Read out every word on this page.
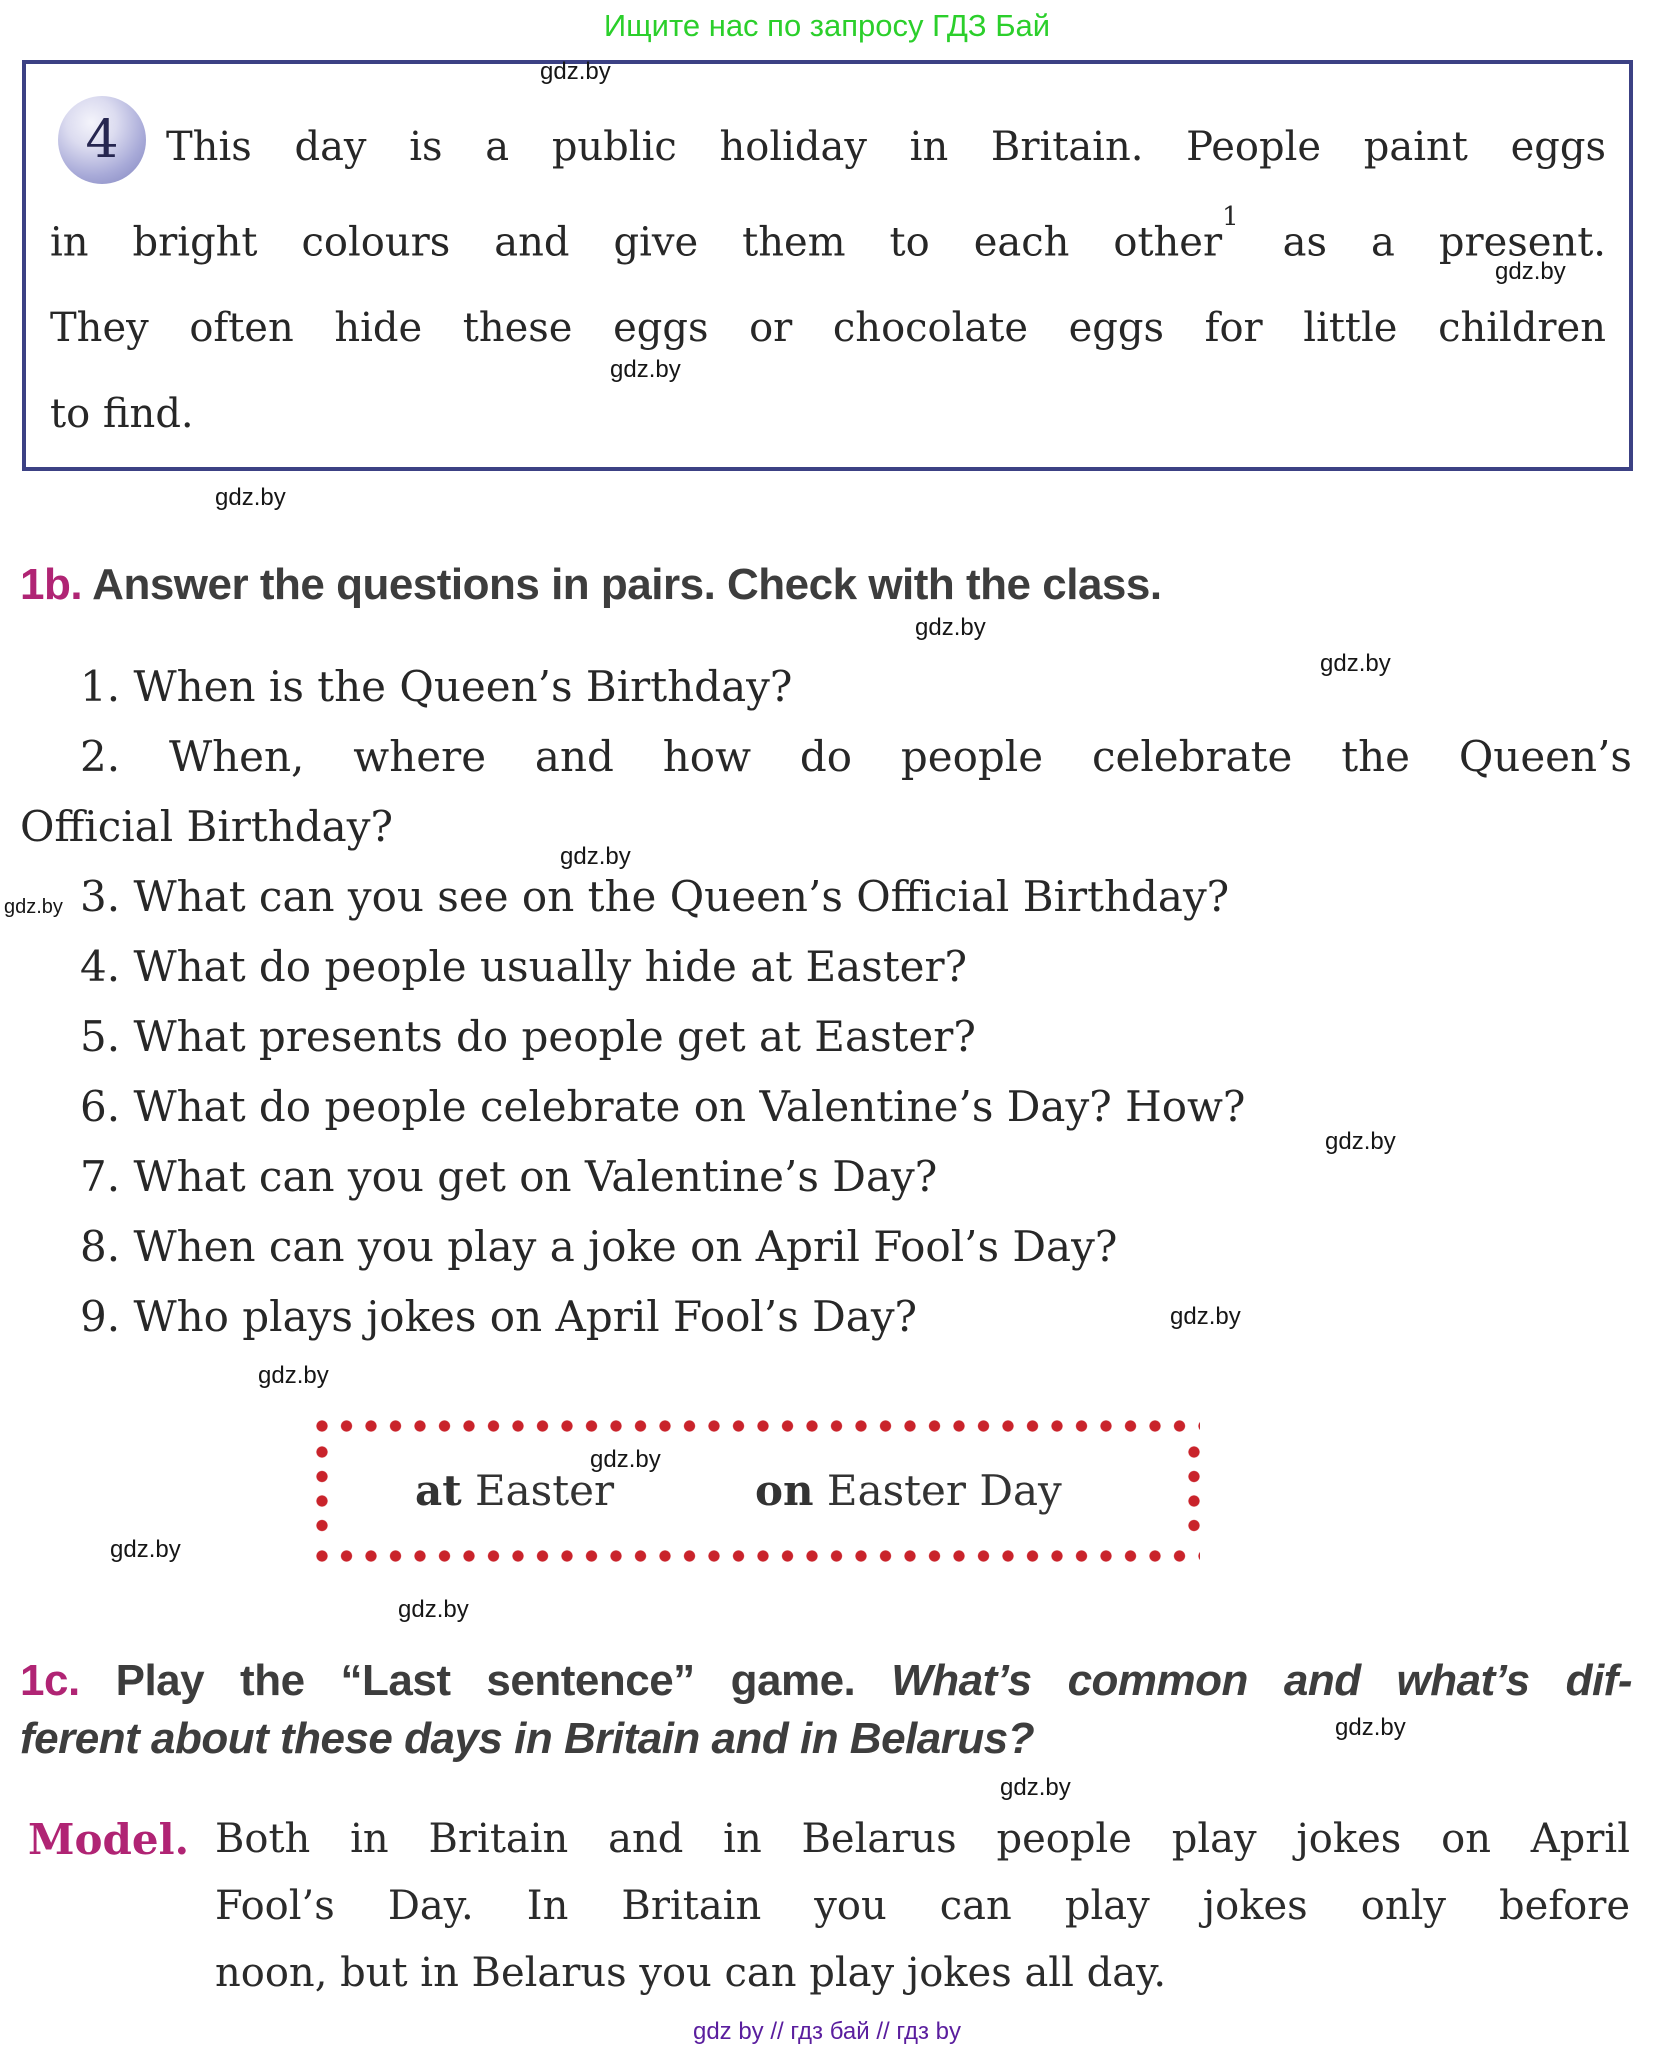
Ищите нас по запросу ГДЗ Бай
4	This day is a public holiday in Britain. People paint eggs
in bright colours and give them to each other$^1$ as a present.
They often hide these eggs or chocolate eggs for little children
to find.
1b. Answer the questions in pairs. Check with the class.
1. When is the Queen’s Birthday?
2. When, where and how do people celebrate the Queen’s
Official Birthday?
3. What can you see on the Queen’s Official Birthday?
4. What do people usually hide at Easter?
5. What presents do people get at Easter?
6. What do people celebrate on Valentine’s Day? How?
7. What can you get on Valentine’s Day?
8. When can you play a joke on April Fool’s Day?
9. Who plays jokes on April Fool’s Day?
at Easter	on Easter Day
1c. Play the “Last sentence” game. What’s common and what’s dif-
ferent about these days in Britain and in Belarus?
Model. Both in Britain and in Belarus people play jokes on April
Fool’s Day. In Britain you can play jokes only before
noon, but in Belarus you can play jokes all day.
gdz.by
gdz.by
gdz.by
gdz.by
gdz.by
gdz.by
gdz.by
gdz.by
gdz.by
gdz.by
gdz.by
gdz.by
gdz.by
gdz.by
gdz.by
gdz.by
gdz by // гдз бай // гдз by
